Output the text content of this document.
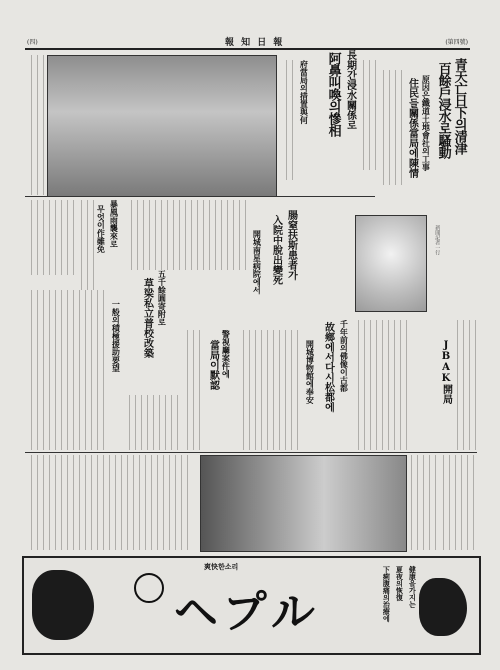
(四)	報 知 日 報	(第四號)
青天亡日下의清津
百餘戶浸水로騷動
原因은鐵道土地會社의工事
住民들關係當局에陳情
長期간浸水關係로
阿鼻叫喚의慘相
府當局의措置與何
新聞記者一行
暴風雨襲來로
무엇이作雖免	腸窒扶斯患者가
入院中脫出變死
開城南星病院에서
五千餘圓寄附로
草梁私立普校改築
一般의積極援助要望	警視廳案件에
當局이默認	千年前의佛像이古都
故鄉에서다시松都에
開城博物館에奉安	JBAK開局
爽快한소리
ヘプル	健康을가지는
夏夜의恢復
下痢腹痛의治療에
